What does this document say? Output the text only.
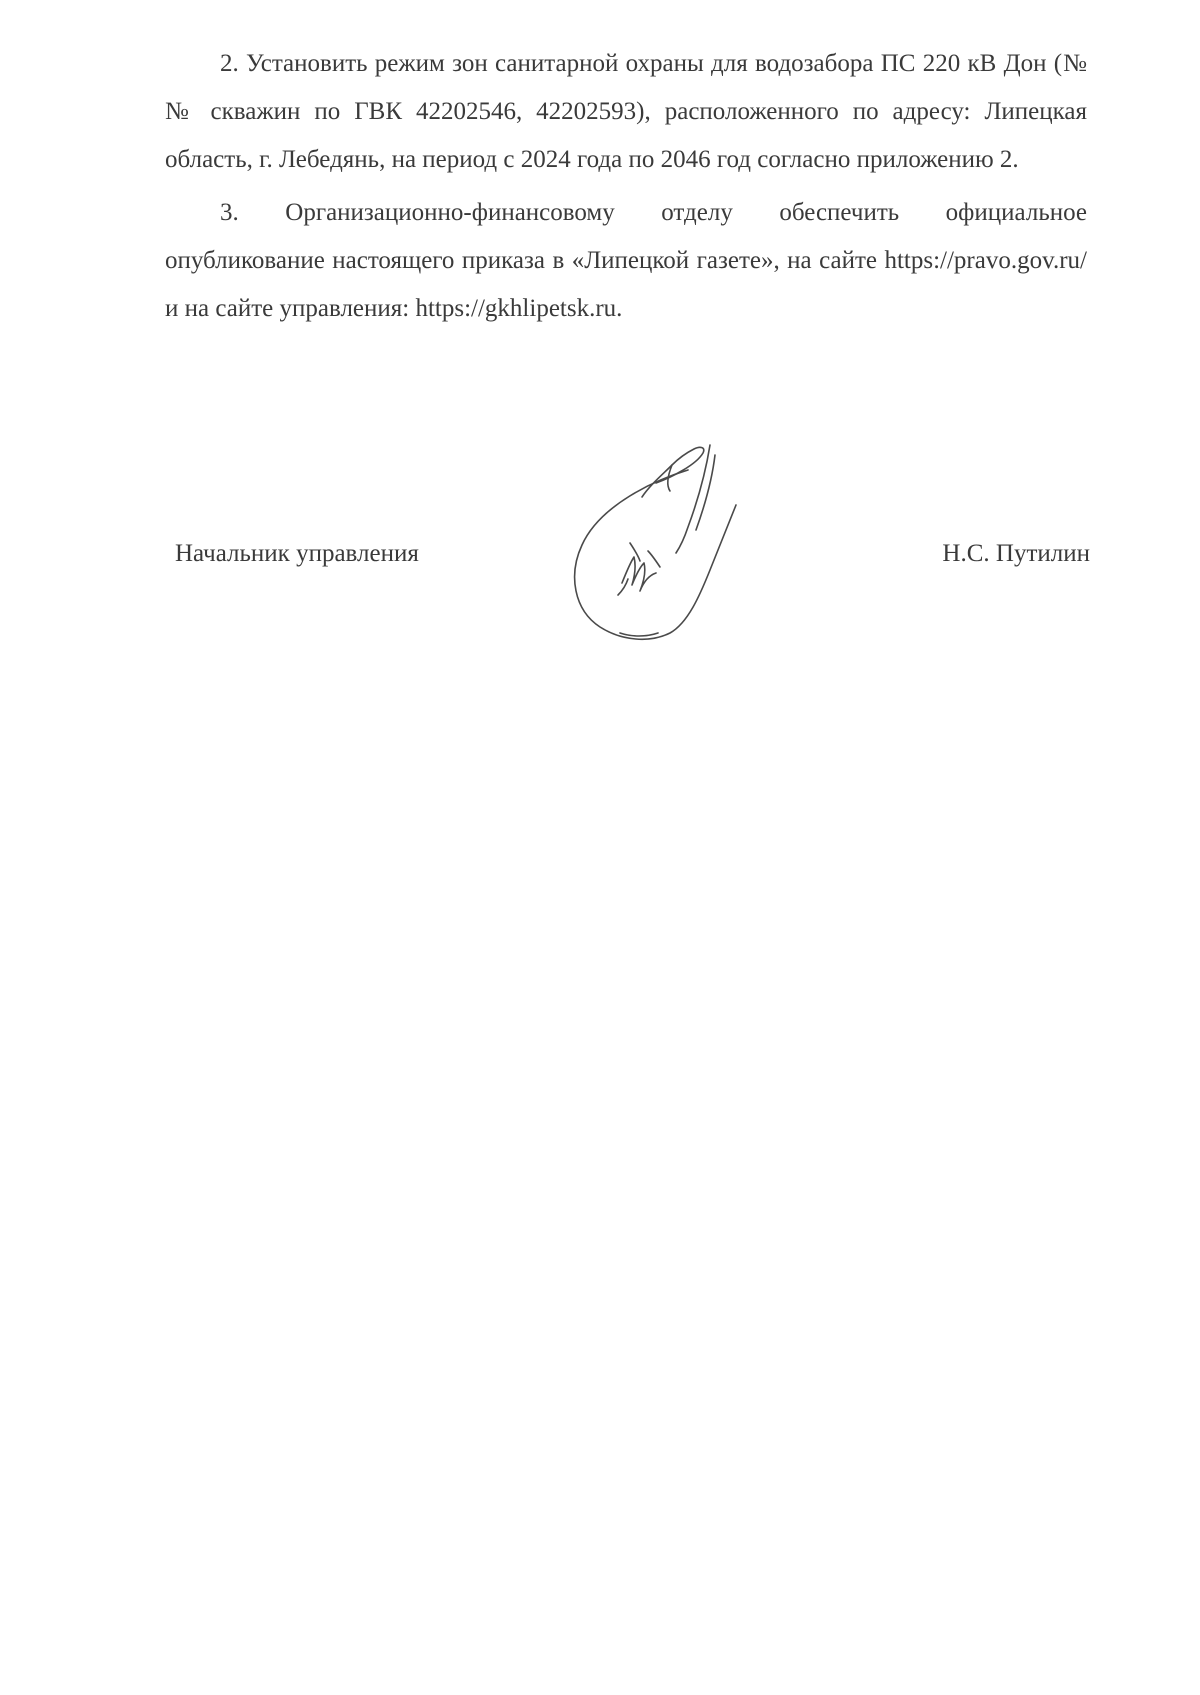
2. Установить режим зон санитарной охраны для водозабора ПС 220 кВ Дон (№№ скважин по ГВК 42202546, 42202593), расположенного по адресу: Липецкая область, г. Лебедянь, на период с 2024 года по 2046 год согласно приложению 2.

3. Организационно-финансовому отделу обеспечить официальное опубликование настоящего приказа в «Липецкой газете», на сайте https://pravo.gov.ru/ и на сайте управления: https://gkhlipetsk.ru.

Начальник управления	Н.С. Путилин
